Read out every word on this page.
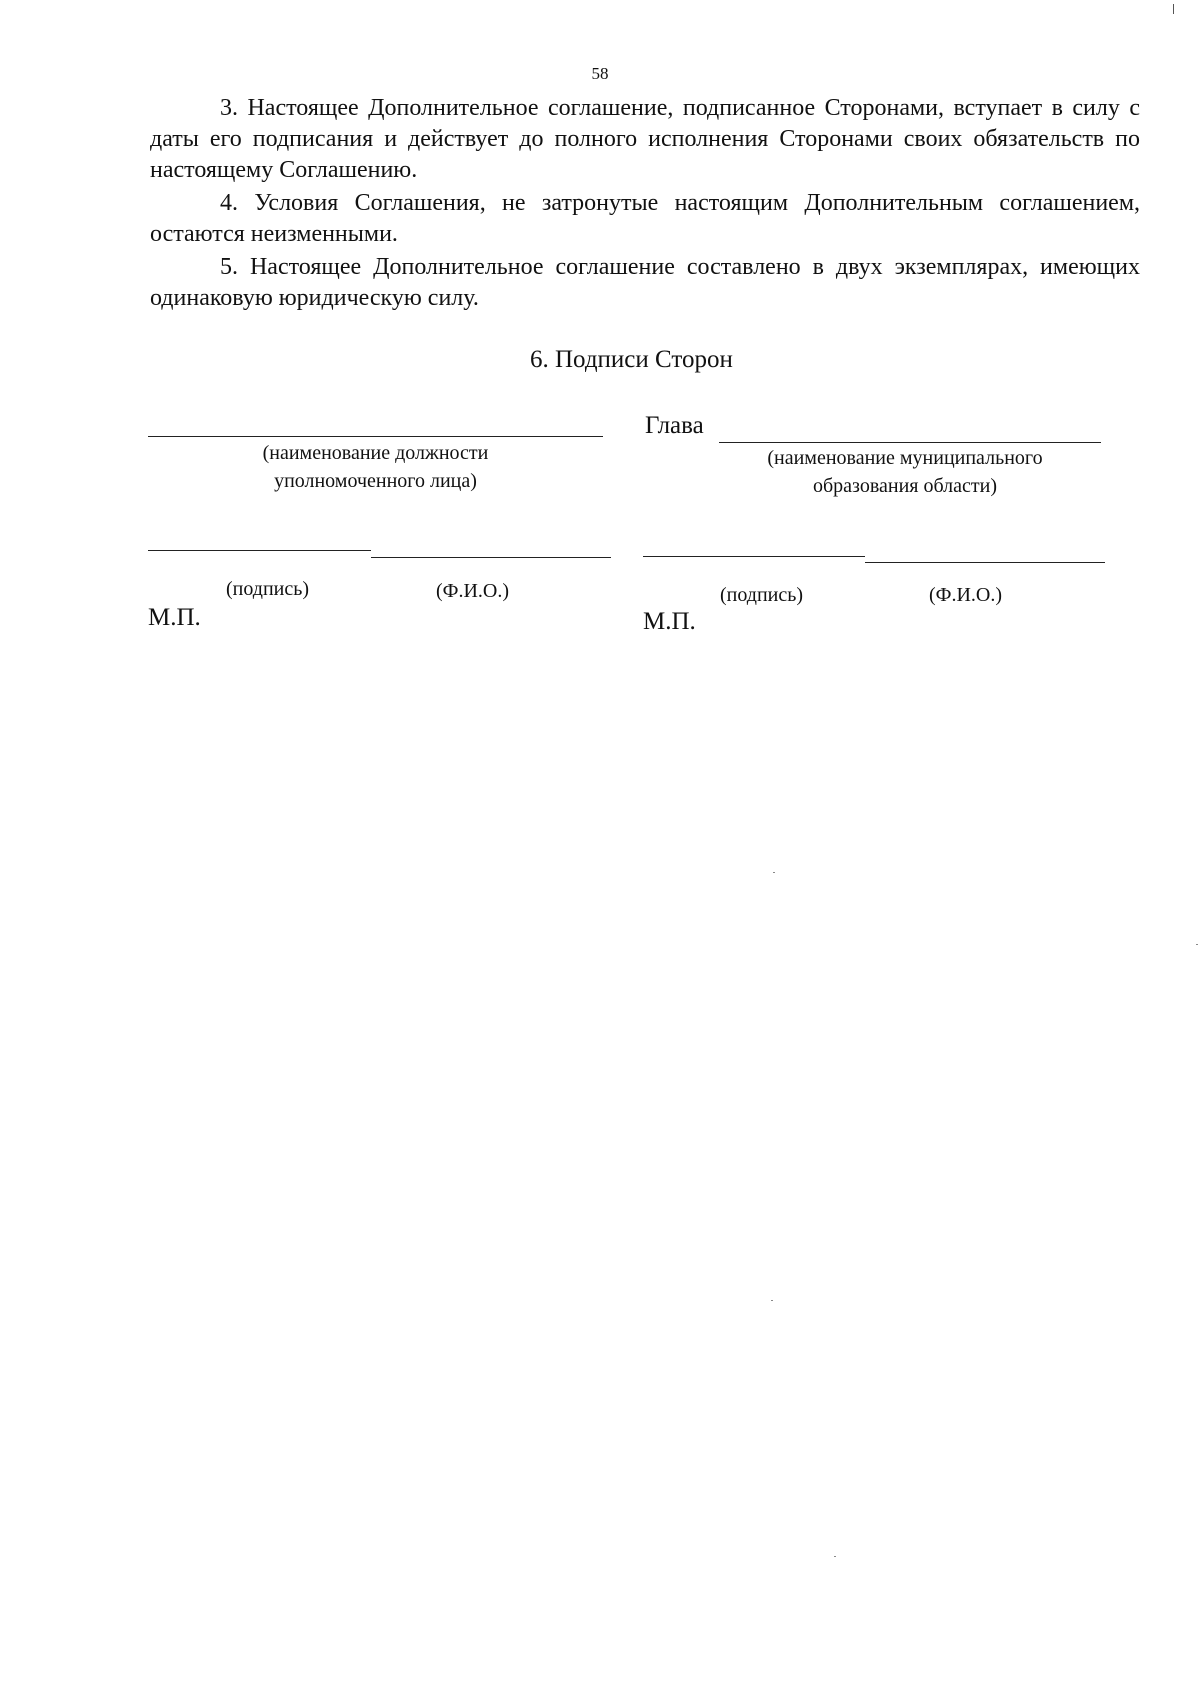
58

3. Настоящее Дополнительное соглашение, подписанное Сторонами, вступает в силу с даты его подписания и действует до полного исполнения Сторонами своих обязательств по настоящему Соглашению.

4. Условия Соглашения, не затронутые настоящим Дополнительным соглашением, остаются неизменными.

5. Настоящее Дополнительное соглашение составлено в двух экземплярах, имеющих одинаковую юридическую силу.

6. Подписи Сторон
(наименование должности
уполномоченного лица)
(подпись)	(Ф.И.О.)
М.П.
Глава
(наименование муниципального
образования области)
(подпись)	(Ф.И.О.)
М.П.
